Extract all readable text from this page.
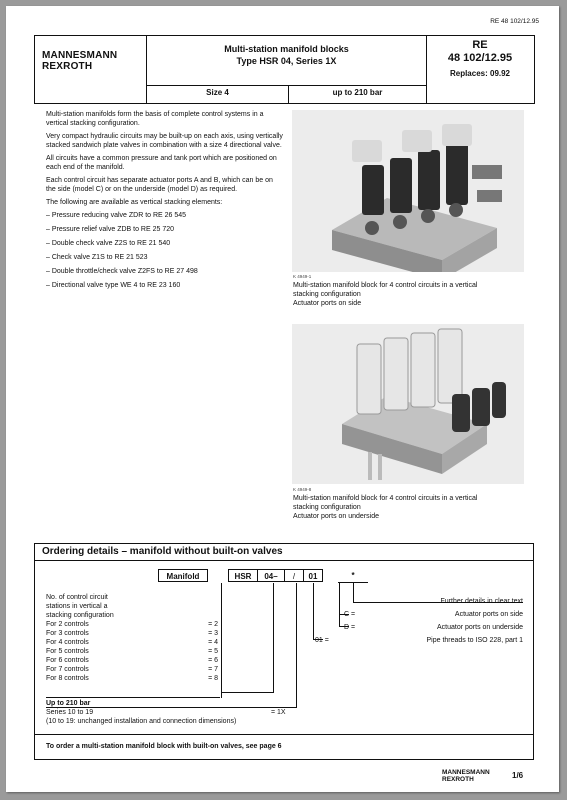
RE 48 102/12.95
MANNESMANN
REXROTH
Multi-station manifold blocks
Type HSR 04, Series 1X
Size 4	up to 210 bar
RE
48 102/12.95
Replaces: 09.92
Multi-station manifolds form the basis of complete control systems in a vertical stacking configuration.
Very compact hydraulic circuits may be built-up on each axis, using vertically stacked sandwich plate valves in combination with a size 4 directional valve.
All circuits have a common pressure and tank port which are positioned on each end of the manifold.
Each control circuit has separate actuator ports A and B, which can be on the side (model C) or on the underside (model D) as required.
The following are available as vertical stacking elements:
– Pressure reducing valve ZDR to RE 26 545
– Pressure relief valve ZDB to RE 25 720
– Double check valve Z2S to RE 21 540
– Check valve Z1S to RE 21 523
– Double throttle/check valve Z2FS to RE 27 498
– Directional valve type WE 4 to RE 23 160
K 4949-1
Multi-station manifold block for 4 control circuits in a vertical
stacking configuration
Actuator ports on side
K 4949-8
Multi-station manifold block for 4 control circuits in a vertical
stacking configuration
Actuator ports on underside
Ordering details – manifold without built-on valves
Manifold	HSR	04–	/	01	*
Further details in clear text
C =	Actuator ports on side
D =	Actuator ports on underside
01 =	Pipe threads to ISO 228, part 1
No. of control circuit
stations in vertical a
stacking configuration
For 2 controls	= 2
For 3 controls	= 3
For 4 controls	= 4
For 5 controls	= 5
For 6 controls	= 6
For 7 controls	= 7
For 8 controls	= 8
Up to 210 bar
Series 10 to 19	= 1X
(10 to 19: unchanged installation and connection dimensions)
To order a multi-station manifold block with built-on valves, see page 6
MANNESMANN
REXROTH	1/6
